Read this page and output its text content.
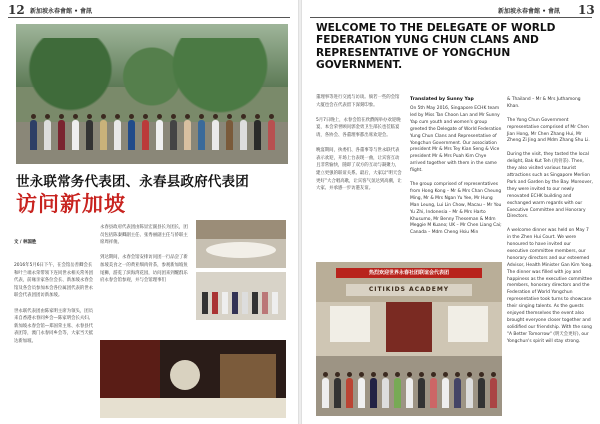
12 新加坡永春會館 • 會訊
世永联常务代表团、永春县政府代表团
访问新加坡

文 / 林国胜

2016年5月6日下午，在会馆岳善卿会长和叶兰端永荣带领下连同世永相关常务团代表，前缘亲家各位会长、新加坡永春会馆及各会员参加本会各位属团代表的世永联会代表团团访新加坡。

世永联代表团由陈家明主席为领头，团员来自香港永春同乡会—陈家明会长夫妇、新加坡永春会馆—郑国荣主席、永春县代表团等，澳门永春同乡会等，大家当天抵达新加坡。

永春县政府代表团由陈显宏副县长为团长，团员包括陈秦卿副主任、张秀丽副主任与侨联主席周祥俊。

到达期间，永春会馆安排访问团一行品尝了新加坡美食之一的黄亚细肉骨茶，参观新加坡鱼尾狮，游览了滨海湾花园，访问团来到醒群乐府永春会馆参观，并与会馆理事们
新加坡永春會館 • 會訊 13
WELCOME TO THE DELEGATE OF WORLD FEDERATION YUNG CHUN CLANS AND REPRESENTATIVE OF YONGCHUN GOVERNMENT.
董理事等进行交流与访谈。倘若一些的会馆大厦也会在代表留下深刻印象。

5月7日晚上，永春会馆在欣爵阁举办欢迎晚宴，本会荣誉顾问郭金勇卫生部长也莅临宴请，各协会、各董理事都出席欢迎会。

晚宴期间，执委们、各董事等与世永联代表表示欢迎，开场上台表现一曲，让宾客互动且非常愉快，随即了双方的互动与凝聚力，建立更强的联谊关系。最后，大家以“明天会更好”大合唱高歌，让宾客气氛达到高潮，让大家、并承感一步访港友谊。
Translated by Sunny Yap
On 5th May 2016, Singapore ECHK team led by Miss Tan Choon Lan and Mr Sunny Yap cum youth and women's group greeted the Delegate of World Federation Yung Chun Clans and Representative of Yongchun Government. Our association president Mr & Mrs Tey Kian Seng & Vice president Mr & Mrs Puah Kim Chye arrived together with them in the same flight.

The group comprised of representatives from Hong Kong – Mr & Mrs Chan Cheung Ming, Mr & Mrs Ngan Yu Yee, Mr Hung Man Leung, Lui Lin Chow, Macau – Mr You Yu Zhi, Indonesia – Mr & Mrs Harto Khusumo, Mr Benny Theseman & Mdm Meggie M Kuano; UK – Mr Chen Liang Cai; Canada – Mdm Cheng Hsiu Min
& Thailand – Mr & Mrs Juthamong Khan.

The Yong Chun Government representative comprised of Mr Chen Jian Hong, Mr Chen Zhang Hui, Mr Zheng Zi Jing and Mdm Zhang Shu Li.

During the visit, they tasted the local delight, Bak Kut Teh (肉骨茶). Then, they also visited various tourist attractions such as Singapore Merlion Park and Garden by the Bay. Moreover, they were invited to our newly renovated ECHK building and exchanged warm regards with our Executive Committee and Honorary Directors.

A welcome dinner was held on May 7 in the Zhen Hui Court. We were honoured to have invited our executive committee members, our honorary directors and our esteemed Advisor, Health Minister Gan Kim Yong. The dinner was filled with joy and happiness as the executive committee members, honorary directors and the Federation of World Yongchun representative took turns to showcase their singing talents. As the guests enjoyed themselves the event also brought everyone closer together and solidified our friendship. With the song "A Better Tomorrow" (明天会更好), our Yongchun's spirit will stay strong.
热烈欢迎世界永春社团联谊会代表团
CITIKIDS ACADEMY
